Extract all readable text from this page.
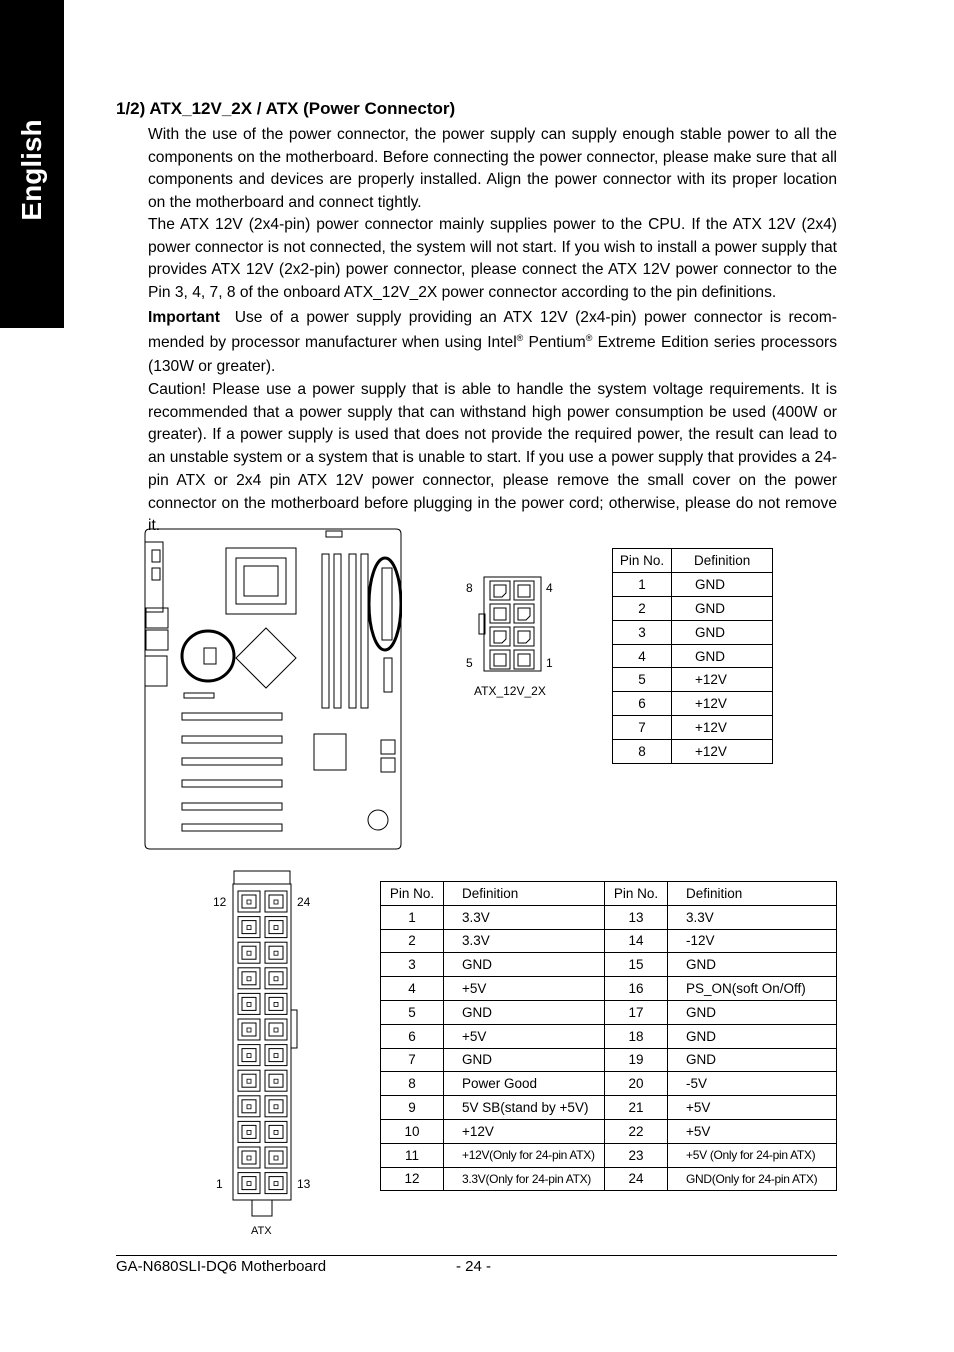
English
1/2) ATX_12V_2X / ATX (Power Connector)
With the use of the power connector, the power supply can supply enough stable power to all the components on the motherboard. Before connecting the power connector, please make sure that all components and devices are properly installed. Align the power connector with its proper location on the motherboard and connect tightly.
The ATX 12V (2x4-pin) power connector mainly supplies power to the CPU. If the ATX 12V (2x4) power connector is not connected, the system will not start. If you wish to install a power supply that provides ATX 12V (2x2-pin) power connector, please connect the ATX 12V power connector to the Pin 3, 4, 7, 8 of the onboard ATX_12V_2X power connector according to the pin definitions.
Important Use of a power supply providing an ATX 12V (2x4-pin) power connector is recom-mended by processor manufacturer when using Intel® Pentium® Extreme Edition series processors (130W or greater).
Caution! Please use a power supply that is able to handle the system voltage requirements. It is recommended that a power supply that can withstand high power consumption be used (400W or greater). If a power supply is used that does not provide the required power, the result can lead to an unstable system or a system that is unable to start. If you use a power supply that provides a 24-pin ATX or 2x4 pin ATX 12V power connector, please remove the small cover on the power connector on the motherboard before plugging in the power cord; otherwise, please do not remove it.
8	4
5	1
ATX_12V_2X
Pin No.	Definition
1	GND
2	GND
3	GND
4	GND
5	+12V
6	+12V
7	+12V
8	+12V
12	24
1	13
ATX
Pin No.	Definition	Pin No.	Definition
1	3.3V	13	3.3V
2	3.3V	14	-12V
3	GND	15	GND
4	+5V	16	PS_ON(soft On/Off)
5	GND	17	GND
6	+5V	18	GND
7	GND	19	GND
8	Power Good	20	-5V
9	5V SB(stand by +5V)	21	+5V
10	+12V	22	+5V
11	+12V(Only for 24-pin ATX)	23	+5V (Only for 24-pin ATX)
12	3.3V(Only for 24-pin ATX)	24	GND(Only for 24-pin ATX)
GA-N680SLI-DQ6 Motherboard	- 24 -
